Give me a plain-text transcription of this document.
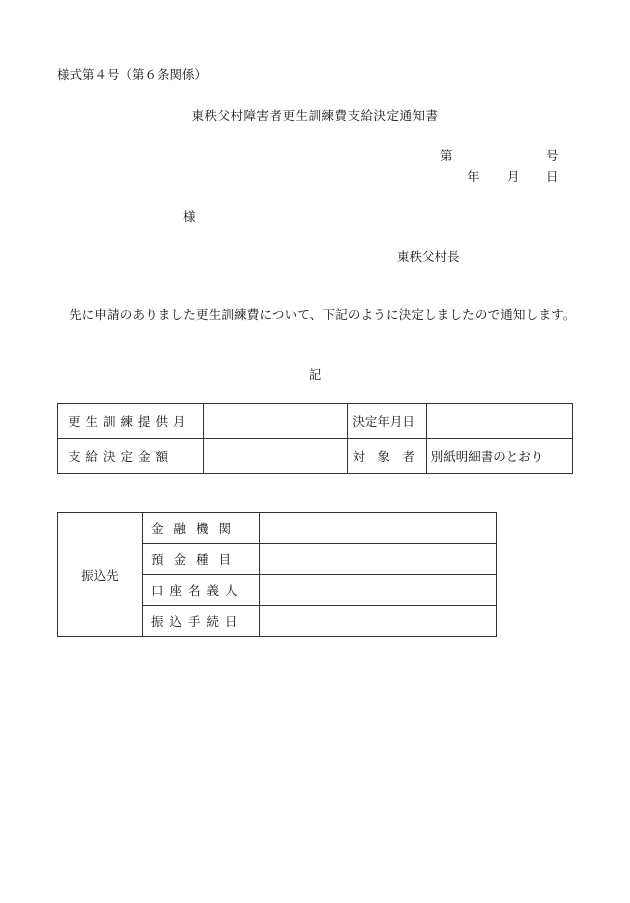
様式第４号（第６条関係）
東秩父村障害者更生訓練費支給決定通知書
第	号
年 月 日
様
東秩父村長
先に申請のありました更生訓練費について、下記のように決定しましたので通知します。
記
更生訓練提供月		決定年月日	
支給決定金額		対　象　者	別紙明細書のとおり
振込先	金融機関	
	預金種目	
	口座名義人	
	振込手続日	
